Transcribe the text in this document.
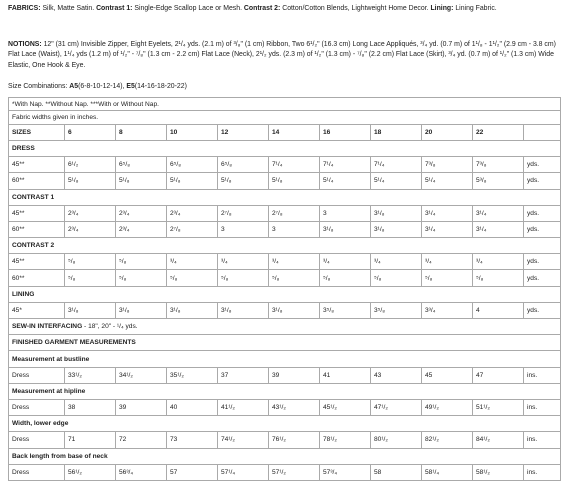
FABRICS: Silk, Matte Satin. Contrast 1: Single-Edge Scallop Lace or Mesh. Contrast 2: Cotton/Cotton Blends, Lightweight Home Decor. Lining: Lining Fabric.
NOTIONS: 12" (31 cm) Invisible Zipper, Eight Eyelets, 2¹/₄ yds. (2.1 m) of ³/₈" (1 cm) Ribbon, Two 6¹/₂" (16.3 cm) Long Lace Appliqués, ³/₄ yd. (0.7 m) of 1¹/₈ - 1¹/₂" (2.9 cm - 3.8 cm) Flat Lace (Waist), 1¹/₄ yds (1.2 m) of ¹/₂" - ⁷/₈" (1.3 cm - 2.2 cm) Flat Lace (Neck), 2¹/₂ yds. (2.3 m) of ¹/₂" (1.3 cm) - ⁷/₈" (2.2 cm) Flat Lace (Skirt), ³/₄ yd. (0.7 m) of ¹/₂" (1.3 cm) Wide Elastic, One Hook & Eye.
Size Combinations: A5(6-8-10-12-14), E5(14-16-18-20-22)
*With Nap. **Without Nap. ***With or Without Nap.										
Fabric widths given in inches.										
SIZES	6	8	10	12	14	16	18	20	22	
DRESS										
45**	6¹/₂	6⁵/₈	6⁵/₈	6⁵/₈	7¹/₄	7¹/₄	7¹/₄	7³/₈	7³/₈	yds.
60**	5¹/₈	5¹/₈	5¹/₈	5¹/₈	5¹/₈	5¹/₄	5¹/₄	5¹/₄	5³/₈	yds.
CONTRAST 1										
45**	2³/₄	2³/₄	2³/₄	2⁷/₈	2⁷/₈	3	3¹/₈	3¹/₄	3¹/₄	yds.
60**	2³/₄	2³/₄	2⁷/₈	3	3	3¹/₈	3¹/₈	3¹/₄	3¹/₄	yds.
CONTRAST 2										
45**	⁵/₈	⁵/₈	³/₄	³/₄	³/₄	³/₄	³/₄	³/₄	³/₄	yds.
60**	⁵/₈	⁵/₈	⁵/₈	⁵/₈	⁵/₈	⁵/₈	⁵/₈	⁵/₈	⁵/₈	yds.
LINING										
45*	3¹/₈	3¹/₈	3¹/₈	3¹/₈	3¹/₈	3⁵/₈	3⁵/₈	3³/₄	4	yds.
SEW-IN INTERFACING - 18", 20" - ¹/₄ yds.										
FINISHED GARMENT MEASUREMENTS										
Measurement at bustline										
Dress	33¹/₂	34¹/₂	35¹/₂	37	39	41	43	45	47	ins.
Measurement at hipline										
Dress	38	39	40	41¹/₂	43¹/₂	45¹/₂	47¹/₂	49¹/₂	51¹/₂	ins.
Width, lower edge										
Dress	71	72	73	74¹/₂	76¹/₂	78¹/₂	80¹/₂	82¹/₂	84¹/₂	ins.
Back length from base of neck										
Dress	56¹/₂	56³/₄	57	57¹/₄	57¹/₂	57³/₄	58	58¹/₄	58¹/₂	ins.
